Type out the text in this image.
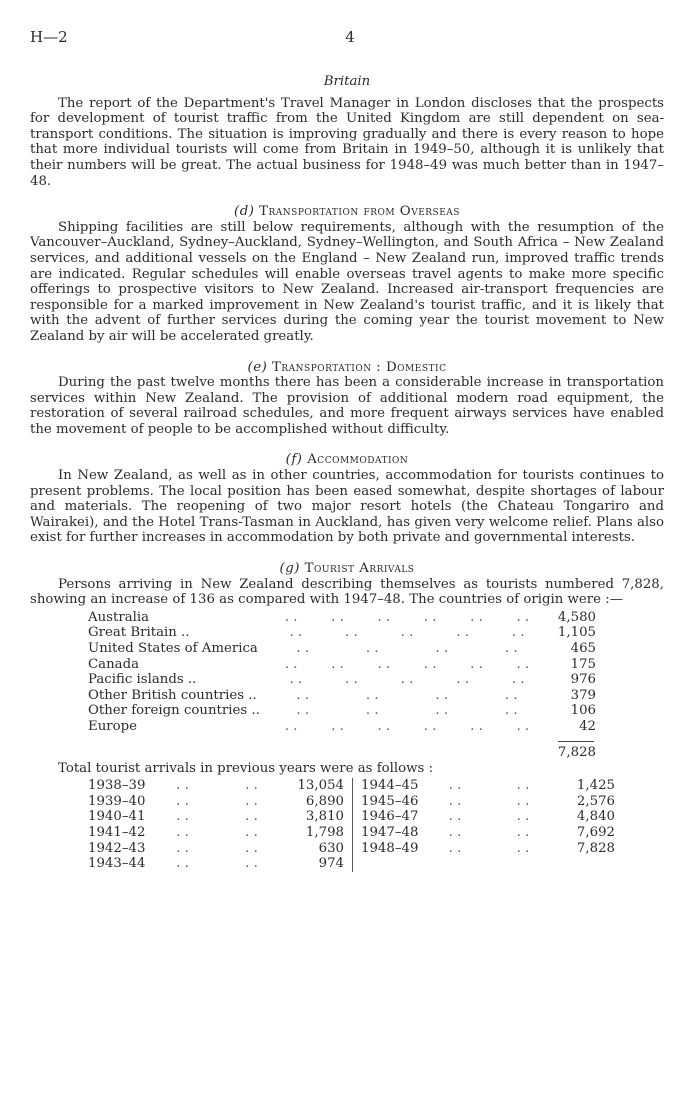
H—2	4
Britain

The report of the Department's Travel Manager in London discloses that the prospects for development of tourist traffic from the United Kingdom are still dependent on sea-transport conditions. The situation is improving gradually and there is every reason to hope that more individual tourists will come from Britain in 1949–50, although it is unlikely that their numbers will be great. The actual business for 1948–49 was much better than in 1947–48.

(d) Transportation from Overseas

Shipping facilities are still below requirements, although with the resumption of the Vancouver–Auckland, Sydney–Auckland, Sydney–Wellington, and South Africa – New Zealand services, and additional vessels on the England – New Zealand run, improved traffic trends are indicated. Regular schedules will enable overseas travel agents to make more specific offerings to prospective visitors to New Zealand. Increased air-transport frequencies are responsible for a marked improvement in New Zealand's tourist traffic, and it is likely that with the advent of further services during the coming year the tourist movement to New Zealand by air will be accelerated greatly.

(e) Transportation : Domestic

During the past twelve months there has been a considerable increase in transportation services within New Zealand. The provision of additional modern road equipment, the restoration of several railroad schedules, and more frequent airways services have enabled the movement of people to be accomplished without difficulty.

(f) Accommodation

In New Zealand, as well as in other countries, accommodation for tourists continues to present problems. The local position has been eased somewhat, despite shortages of labour and materials. The reopening of two major resort hotels (the Chateau Tongariro and Wairakei), and the Hotel Trans-Tasman in Auckland, has given very welcome relief. Plans also exist for further increases in accommodation by both private and governmental interests.

(g) Tourist Arrivals

Persons arriving in New Zealand describing themselves as tourists numbered 7,828, showing an increase of 136 as compared with 1947–48. The countries of origin were :—

Australia	. .	. .	. .	. .	. .	. .	4,580
Great Britain ..	. .	. .	. .	. .	. .	1,105
United States of America	. .	. .	. .	. .	465
Canada	. .	. .	. .	. .	. .	. .	175
Pacific islands ..	. .	. .	. .	. .	. .	976
Other British countries ..	. .	. .	. .	. .	379
Other foreign countries ..	. .	. .	. .	. .	106
Europe	. .	. .	. .	. .	. .	. .	42
7,828
Total tourist arrivals in previous years were as follows :
1938–39 . .	. .	13,054
1939–40 . .	. .	6,890
1940–41 . .	. .	3,810
1941–42 . .	. .	1,798
1942–43 . .	. .	630
1943–44 . .	. .	974
1944–45 . .	. .	1,425
1945–46 . .	. .	2,576
1946–47 . .	. .	4,840
1947–48 . .	. .	7,692
1948–49 . .	. .	7,828
